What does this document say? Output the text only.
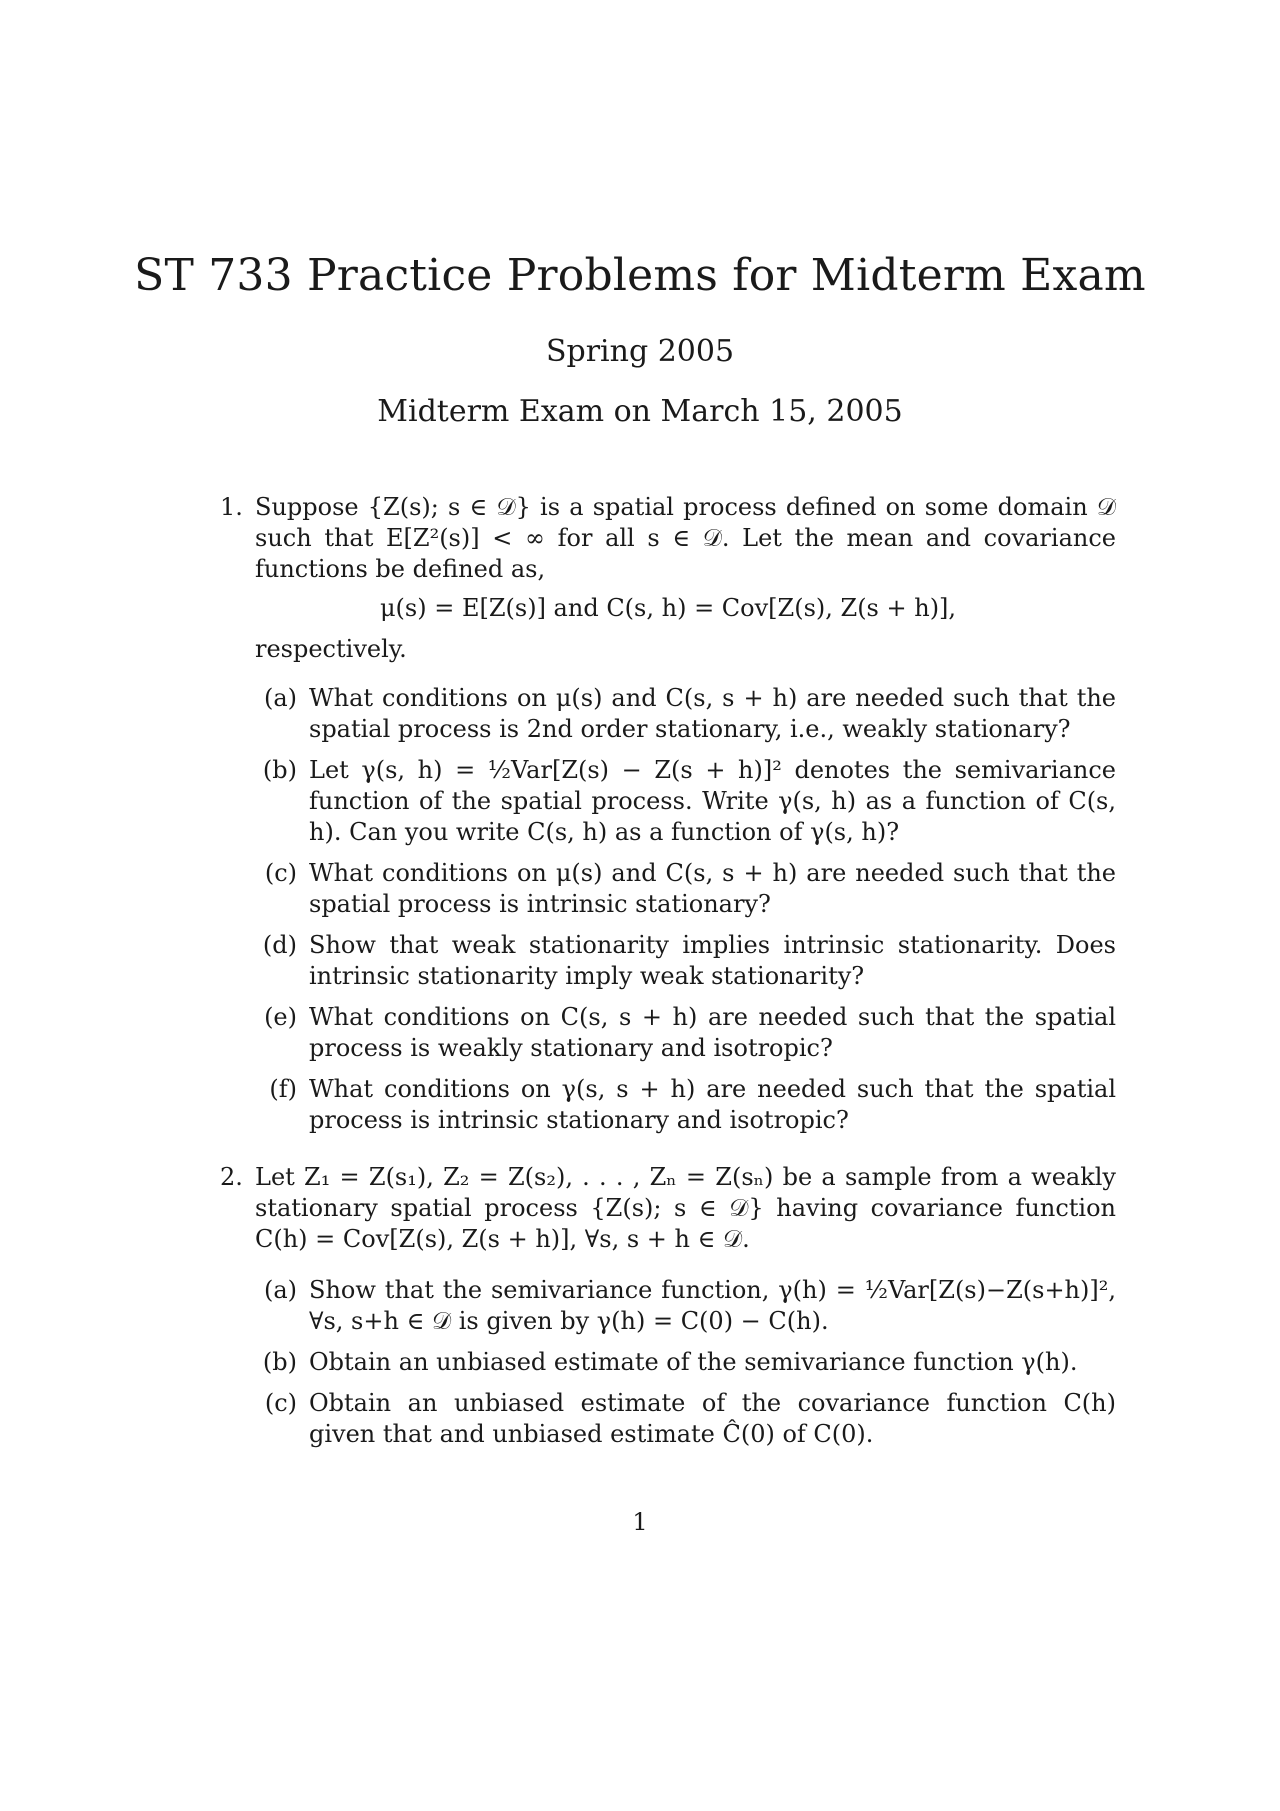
ST 733 Practice Problems for Midterm Exam
Spring 2005
Midterm Exam on March 15, 2005
1. Suppose {Z(s); s ∈ 𝒟} is a spatial process defined on some domain 𝒟 such that E[Z²(s)] < ∞ for all s ∈ 𝒟. Let the mean and covariance functions be defined as,
μ(s) = E[Z(s)] and C(s, h) = Cov[Z(s), Z(s + h)],
respectively.
(a) What conditions on μ(s) and C(s, s + h) are needed such that the spatial process is 2nd order stationary, i.e., weakly stationary?
(b) Let γ(s, h) = ½Var[Z(s) − Z(s + h)]² denotes the semivariance function of the spatial process. Write γ(s, h) as a function of C(s, h). Can you write C(s, h) as a function of γ(s, h)?
(c) What conditions on μ(s) and C(s, s + h) are needed such that the spatial process is intrinsic stationary?
(d) Show that weak stationarity implies intrinsic stationarity. Does intrinsic stationarity imply weak stationarity?
(e) What conditions on C(s, s + h) are needed such that the spatial process is weakly stationary and isotropic?
(f) What conditions on γ(s, s + h) are needed such that the spatial process is intrinsic stationary and isotropic?
2. Let Z₁ = Z(s₁), Z₂ = Z(s₂), . . . , Zₙ = Z(sₙ) be a sample from a weakly stationary spatial process {Z(s); s ∈ 𝒟} having covariance function C(h) = Cov[Z(s), Z(s + h)], ∀s, s + h ∈ 𝒟.
(a) Show that the semivariance function, γ(h) = ½Var[Z(s)−Z(s+h)]², ∀s, s+h ∈ 𝒟 is given by γ(h) = C(0) − C(h).
(b) Obtain an unbiased estimate of the semivariance function γ(h).
(c) Obtain an unbiased estimate of the covariance function C(h) given that and unbiased estimate Ĉ(0) of C(0).
1
